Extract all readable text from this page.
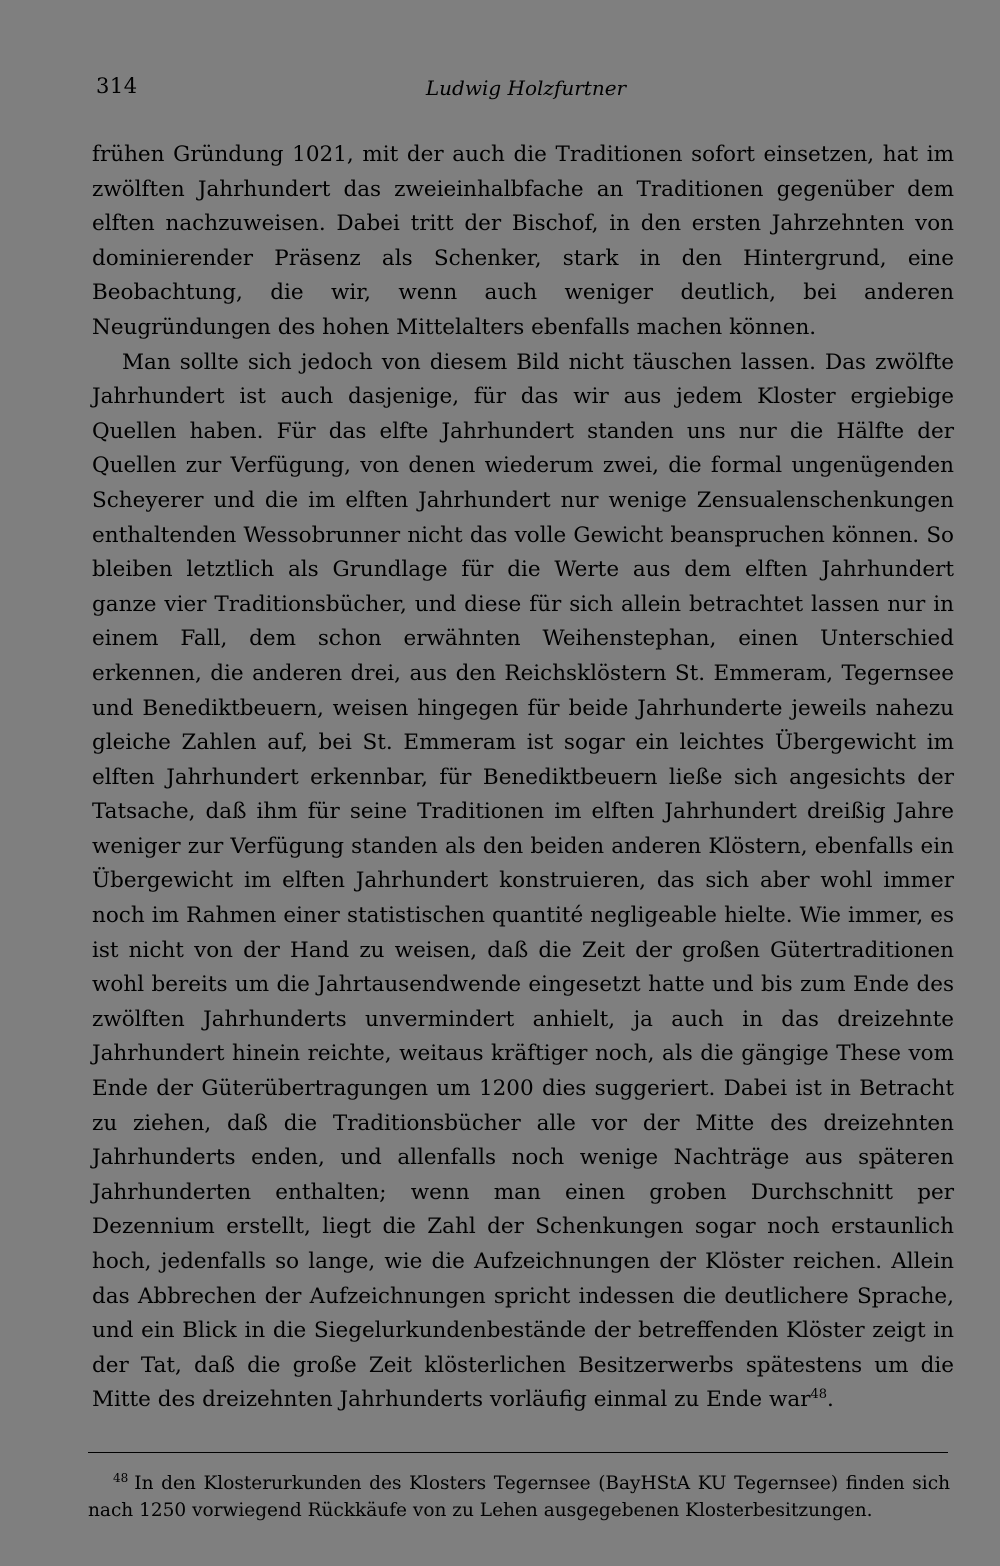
314	Ludwig Holzfurtner

frühen Gründung 1021, mit der auch die Traditionen sofort einsetzen, hat im zwölften Jahrhundert das zweieinhalbfache an Traditionen gegenüber dem elften nachzuweisen. Dabei tritt der Bischof, in den ersten Jahrzehnten von dominierender Präsenz als Schenker, stark in den Hintergrund, eine Beobachtung, die wir, wenn auch weniger deutlich, bei anderen Neugründungen des hohen Mittelalters ebenfalls machen können.

Man sollte sich jedoch von diesem Bild nicht täuschen lassen. Das zwölfte Jahrhundert ist auch dasjenige, für das wir aus jedem Kloster ergiebige Quellen haben. Für das elfte Jahrhundert standen uns nur die Hälfte der Quellen zur Verfügung, von denen wiederum zwei, die formal ungenügenden Scheyerer und die im elften Jahrhundert nur wenige Zensualenschenkungen enthaltenden Wessobrunner nicht das volle Gewicht beanspruchen können. So bleiben letztlich als Grundlage für die Werte aus dem elften Jahrhundert ganze vier Traditionsbücher, und diese für sich allein betrachtet lassen nur in einem Fall, dem schon erwähnten Weihenstephan, einen Unterschied erkennen, die anderen drei, aus den Reichsklöstern St. Emmeram, Tegernsee und Benediktbeuern, weisen hingegen für beide Jahrhunderte jeweils nahezu gleiche Zahlen auf, bei St. Emmeram ist sogar ein leichtes Übergewicht im elften Jahrhundert erkennbar, für Benediktbeuern ließe sich angesichts der Tatsache, daß ihm für seine Traditionen im elften Jahrhundert dreißig Jahre weniger zur Verfügung standen als den beiden anderen Klöstern, ebenfalls ein Übergewicht im elften Jahrhundert konstruieren, das sich aber wohl immer noch im Rahmen einer statistischen quantité negligeable hielte. Wie immer, es ist nicht von der Hand zu weisen, daß die Zeit der großen Gütertraditionen wohl bereits um die Jahrtausendwende eingesetzt hatte und bis zum Ende des zwölften Jahrhunderts unvermindert anhielt, ja auch in das dreizehnte Jahrhundert hinein reichte, weitaus kräftiger noch, als die gängige These vom Ende der Güterübertragungen um 1200 dies suggeriert. Dabei ist in Betracht zu ziehen, daß die Traditionsbücher alle vor der Mitte des dreizehnten Jahrhunderts enden, und allenfalls noch wenige Nachträge aus späteren Jahrhunderten enthalten; wenn man einen groben Durchschnitt per Dezennium erstellt, liegt die Zahl der Schenkungen sogar noch erstaunlich hoch, jedenfalls so lange, wie die Aufzeichnungen der Klöster reichen. Allein das Abbrechen der Aufzeichnungen spricht indessen die deutlichere Sprache, und ein Blick in die Siegelurkundenbestände der betreffenden Klöster zeigt in der Tat, daß die große Zeit klösterlichen Besitzerwerbs spätestens um die Mitte des dreizehnten Jahrhunderts vorläufig einmal zu Ende war$^{48}$.

$^{48}$ In den Klosterurkunden des Klosters Tegernsee (BayHStA KU Tegernsee) finden sich nach 1250 vorwiegend Rückkäufe von zu Lehen ausgegebenen Klosterbesitzungen.
